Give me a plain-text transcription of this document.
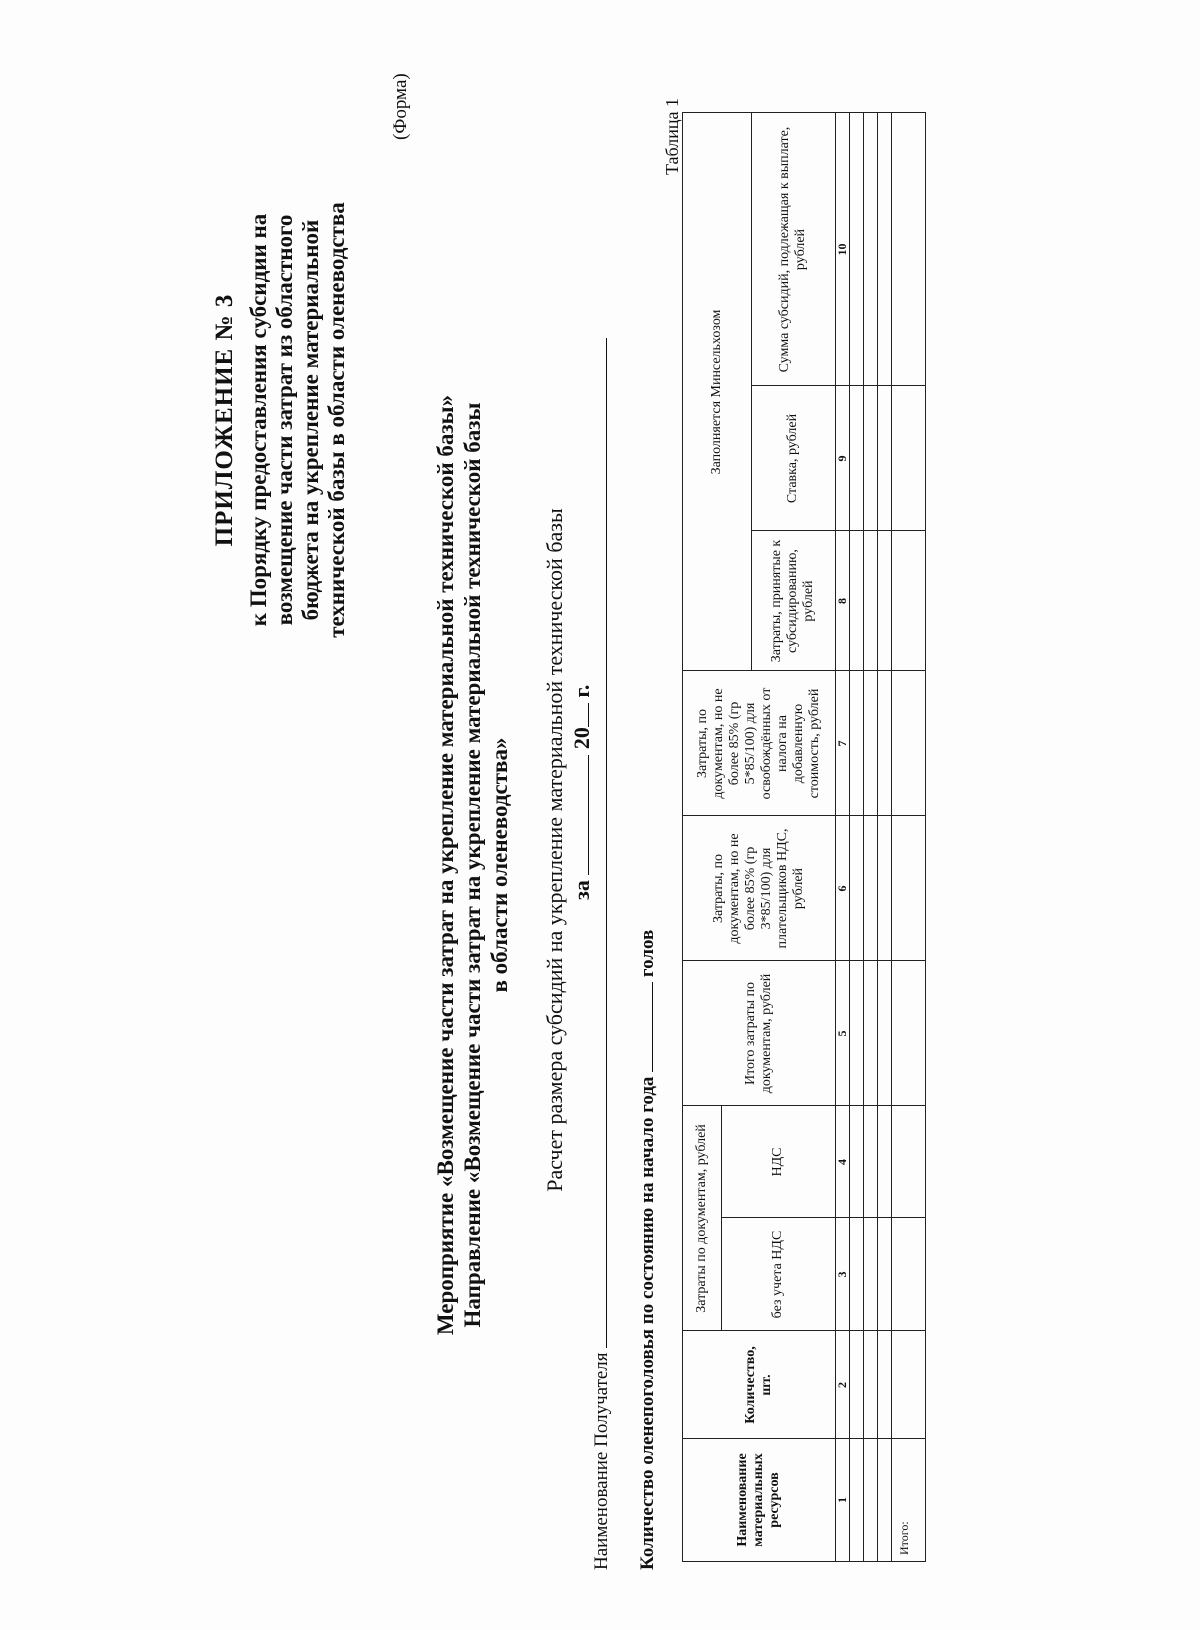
ПРИЛОЖЕНИЕ № 3 к Порядку предоставления субсидии на возмещение части затрат из областного бюджета на укрепление материальной технической базы в области оленеводства
(Форма)
Мероприятие «Возмещение части затрат на укрепление материальной технической базы» Направление «Возмещение части затрат на укрепление материальной технической базы в области оленеводства» Расчет размера субсидий на укрепление материальной технической базы за  20 г.
Наименование Получателя Количество оленепоголовья по состоянию на начало года  голов
Таблица 1
Наименование материальных ресурсов
Количество, шт.
Затраты по документам, рублей	без учета НДС
НДС
Итого затраты по документам, рублей
Затраты, по документам, но не более 85% (гр 3*85/100) для плательщиков НДС, рублей
Затраты, по документам, но не более 85% (гр 5*85/100) для освобождённых от налога на добавленную стоимость, рублей
Заполняется Минсельхозом
Затраты, принятые к субсидированию, рублей
Ставка, рублей
Сумма субсидий, подлежащая к выплате, рублей
1
2
3
4
5
6
7
8
9
10
Итого:
